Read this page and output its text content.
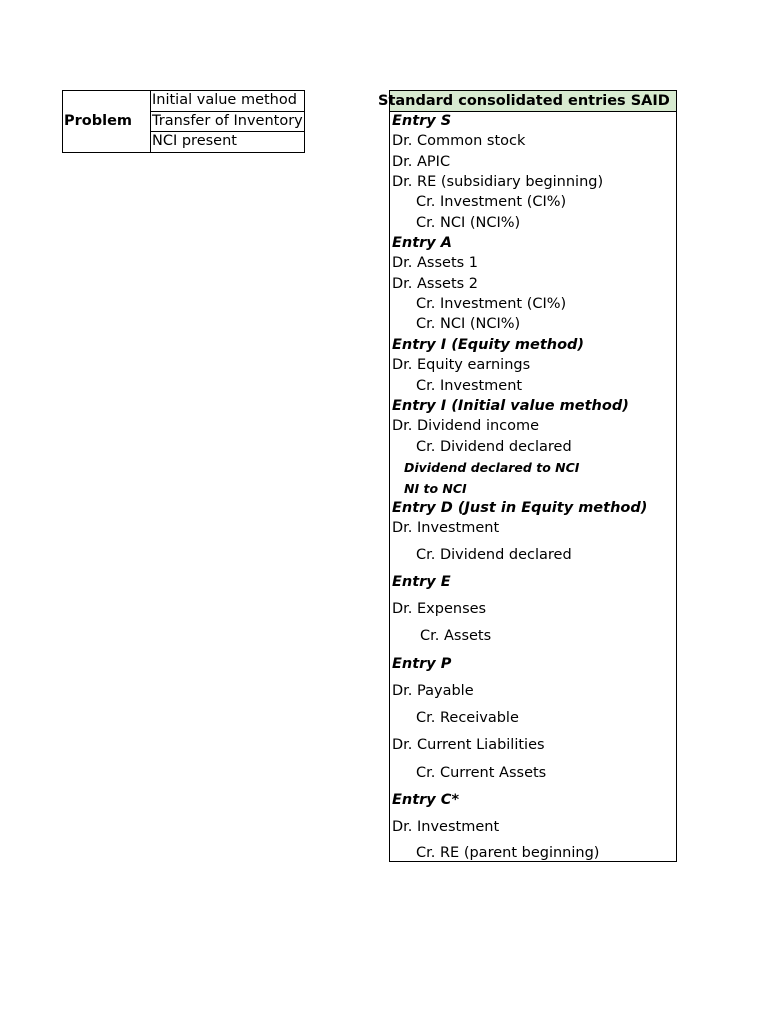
Problem	Initial value method
Transfer of Inventory
NCI present
Standard consolidated entries SAID
Entry S
Dr. Common stock
Dr. APIC
Dr. RE (subsidiary beginning)
Cr. Investment (CI%)
Cr. NCI (NCI%)
Entry A
Dr. Assets 1
Dr. Assets 2
Cr. Investment (CI%)
Cr. NCI (NCI%)
Entry I (Equity method)
Dr. Equity earnings
Cr. Investment
Entry I (Initial value method)
Dr. Dividend income
Cr. Dividend declared
Dividend declared to NCI
NI to NCI
Entry D (Just in Equity method)
Dr. Investment
Cr. Dividend declared
Entry E
Dr. Expenses
Cr. Assets
Entry P
Dr. Payable
Cr. Receivable
Dr. Current Liabilities
Cr. Current Assets
Entry C*
Dr. Investment
Cr. RE (parent beginning)
